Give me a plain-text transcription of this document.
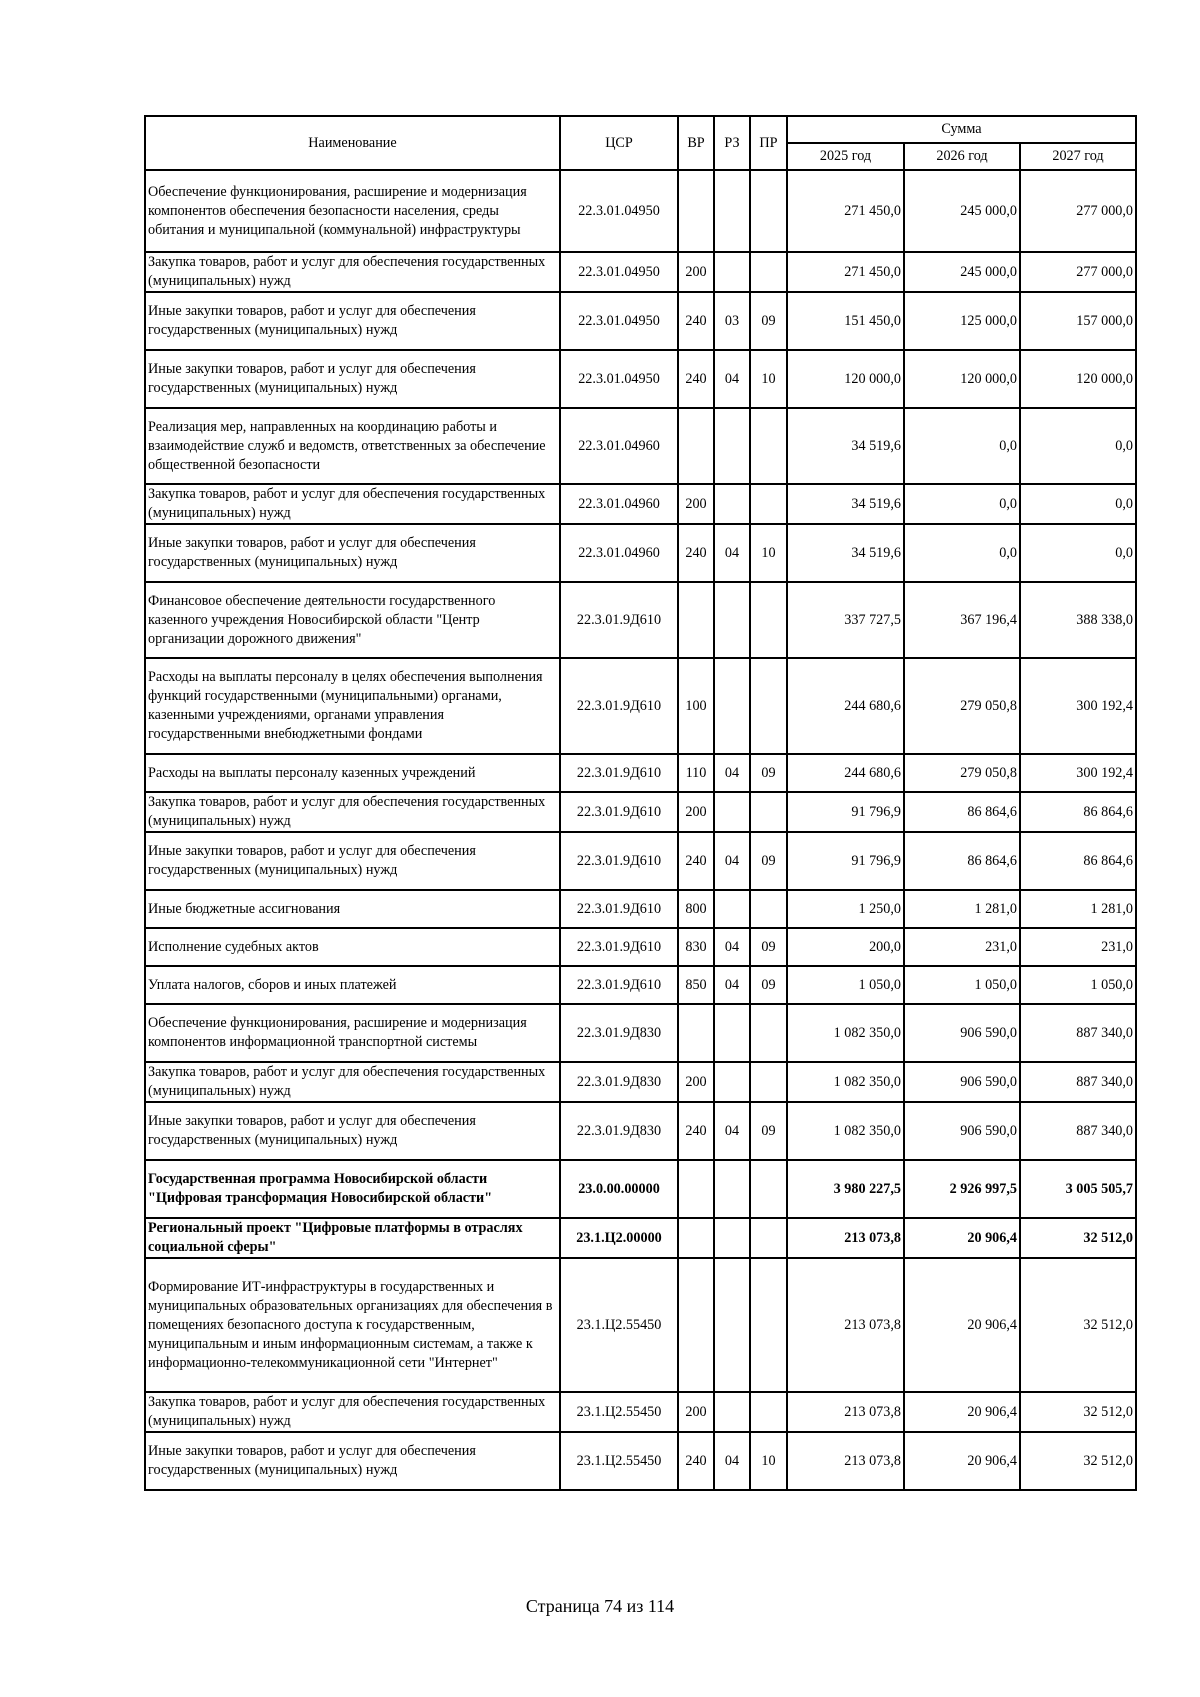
Наименование	ЦСР	ВР	РЗ	ПР	Сумма		
					2025 год	2026 год	2027 год
Обеспечение функционирования, расширение и модернизация компонентов обеспечения безопасности населения, среды обитания и муниципальной (коммунальной) инфраструктуры	22.3.01.04950				271 450,0	245 000,0	277 000,0
Закупка товаров, работ и услуг для обеспечения государственных (муниципальных) нужд	22.3.01.04950	200			271 450,0	245 000,0	277 000,0
Иные закупки товаров, работ и услуг для обеспечения государственных (муниципальных) нужд	22.3.01.04950	240	03	09	151 450,0	125 000,0	157 000,0
Иные закупки товаров, работ и услуг для обеспечения государственных (муниципальных) нужд	22.3.01.04950	240	04	10	120 000,0	120 000,0	120 000,0
Реализация мер, направленных на координацию работы и взаимодействие служб и ведомств, ответственных за обеспечение общественной безопасности	22.3.01.04960				34 519,6	0,0	0,0
Закупка товаров, работ и услуг для обеспечения государственных (муниципальных) нужд	22.3.01.04960	200			34 519,6	0,0	0,0
Иные закупки товаров, работ и услуг для обеспечения государственных (муниципальных) нужд	22.3.01.04960	240	04	10	34 519,6	0,0	0,0
Финансовое обеспечение деятельности государственного казенного учреждения Новосибирской области "Центр организации дорожного движения"	22.3.01.9Д610				337 727,5	367 196,4	388 338,0
Расходы на выплаты персоналу в целях обеспечения выполнения функций государственными (муниципальными) органами, казенными учреждениями, органами управления государственными внебюджетными фондами	22.3.01.9Д610	100			244 680,6	279 050,8	300 192,4
Расходы на выплаты персоналу казенных учреждений	22.3.01.9Д610	110	04	09	244 680,6	279 050,8	300 192,4
Закупка товаров, работ и услуг для обеспечения государственных (муниципальных) нужд	22.3.01.9Д610	200			91 796,9	86 864,6	86 864,6
Иные закупки товаров, работ и услуг для обеспечения государственных (муниципальных) нужд	22.3.01.9Д610	240	04	09	91 796,9	86 864,6	86 864,6
Иные бюджетные ассигнования	22.3.01.9Д610	800			1 250,0	1 281,0	1 281,0
Исполнение судебных актов	22.3.01.9Д610	830	04	09	200,0	231,0	231,0
Уплата налогов, сборов и иных платежей	22.3.01.9Д610	850	04	09	1 050,0	1 050,0	1 050,0
Обеспечение функционирования, расширение и модернизация компонентов информационной транспортной системы	22.3.01.9Д830				1 082 350,0	906 590,0	887 340,0
Закупка товаров, работ и услуг для обеспечения государственных (муниципальных) нужд	22.3.01.9Д830	200			1 082 350,0	906 590,0	887 340,0
Иные закупки товаров, работ и услуг для обеспечения государственных (муниципальных) нужд	22.3.01.9Д830	240	04	09	1 082 350,0	906 590,0	887 340,0
Государственная программа Новосибирской области "Цифровая трансформация Новосибирской области"	23.0.00.00000				3 980 227,5	2 926 997,5	3 005 505,7
Региональный проект "Цифровые платформы в отраслях социальной сферы"	23.1.Ц2.00000				213 073,8	20 906,4	32 512,0
Формирование ИТ-инфраструктуры в государственных и муниципальных образовательных организациях для обеспечения в помещениях безопасного доступа к государственным, муниципальным и иным информационным системам, а также к информационно-телекоммуникационной сети "Интернет"	23.1.Ц2.55450				213 073,8	20 906,4	32 512,0
Закупка товаров, работ и услуг для обеспечения государственных (муниципальных) нужд	23.1.Ц2.55450	200			213 073,8	20 906,4	32 512,0
Иные закупки товаров, работ и услуг для обеспечения государственных (муниципальных) нужд	23.1.Ц2.55450	240	04	10	213 073,8	20 906,4	32 512,0
Страница 74 из 114
